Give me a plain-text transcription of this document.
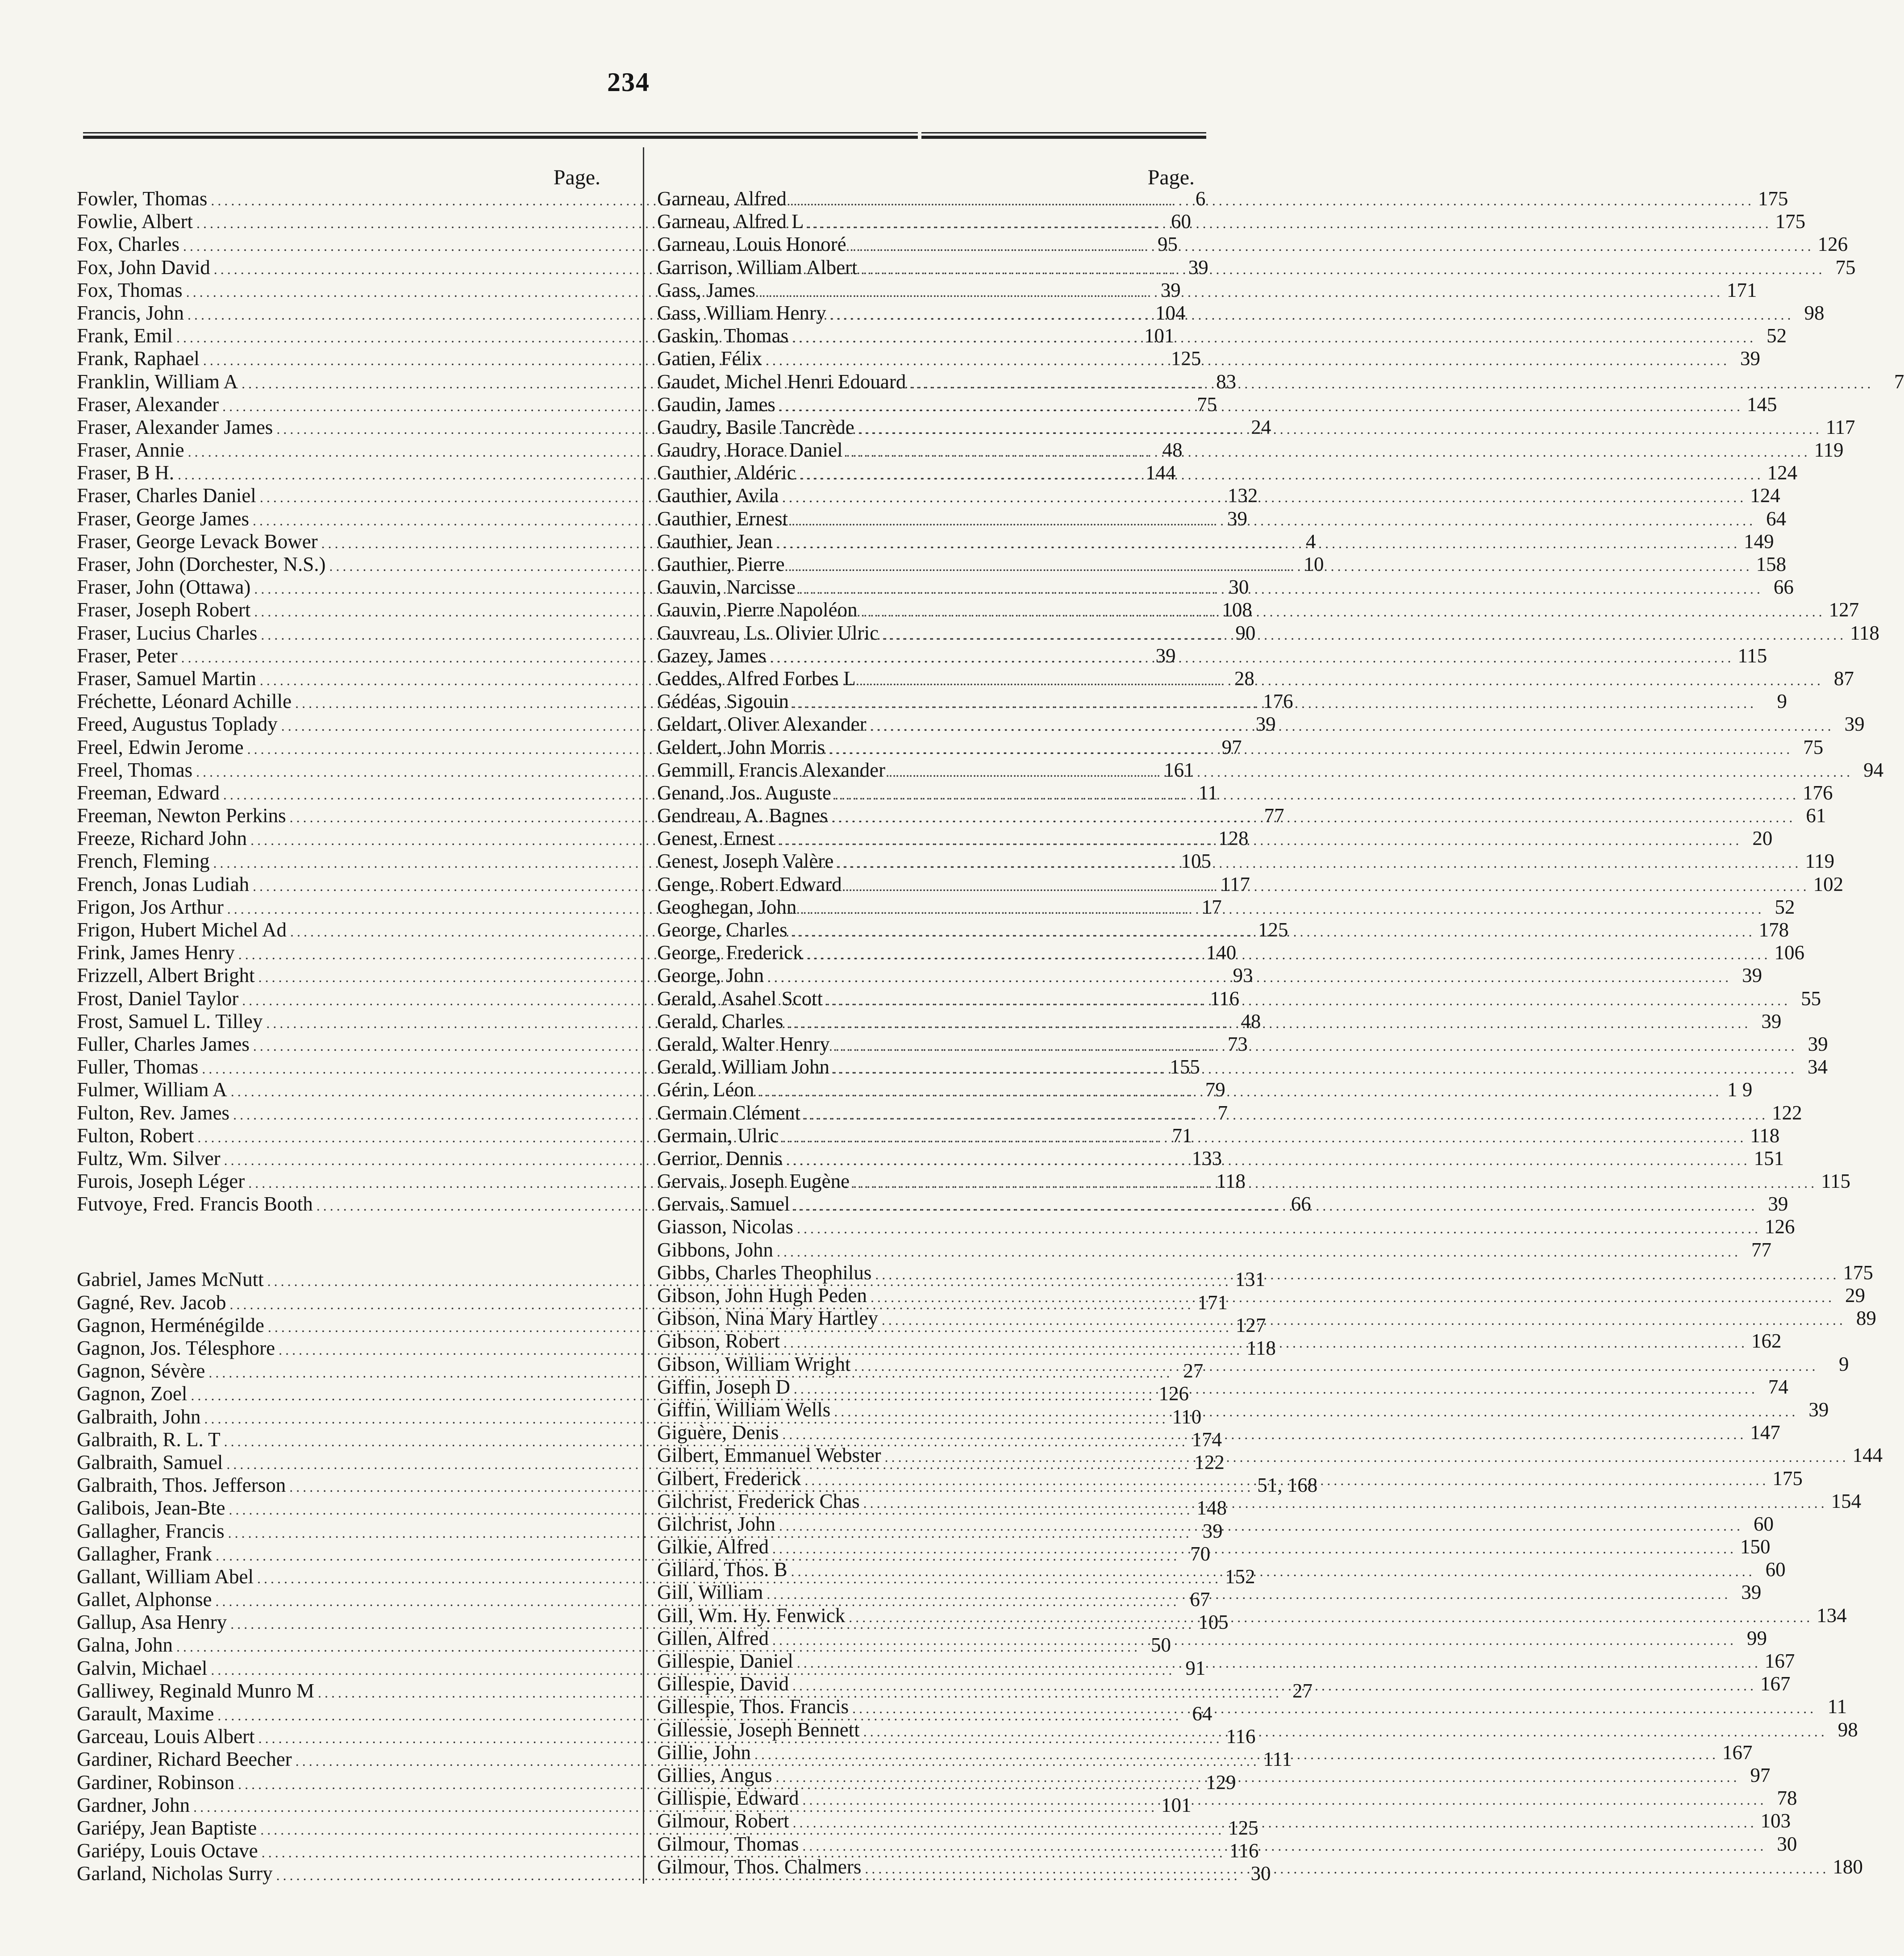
234
Page.	Page.
Fowler, Thomas .....	6
Fowlie, Albert .....	60
Fox, Charles .....	95
Fox, John David .....	39
Fox, Thomas .....	39
Francis, John .....	104
Frank, Emil .....	101
Frank, Raphael .....	125
Franklin, William A .....	83
Fraser, Alexander .....	75
Fraser, Alexander James .....	24
Fraser, Annie .....	48
Fraser, B H. .....	144
Fraser, Charles Daniel .....	132
Fraser, George James .....	39
Fraser, George Levack Bower .....	4
Fraser, John (Dorchester, N.S.) .....	10
Fraser, John (Ottawa) .....	30
Fraser, Joseph Robert .....	108
Fraser, Lucius Charles .....	90
Fraser, Peter .....	39
Fraser, Samuel Martin .....	28
Fréchette, Léonard Achille .....	176
Freed, Augustus Toplady .....	39
Freel, Edwin Jerome .....	97
Freel, Thomas .....	161
Freeman, Edward .....	11
Freeman, Newton Perkins .....	77
Freeze, Richard John .....	128
French, Fleming .....	105
French, Jonas Ludiah .....	117
Frigon, Jos Arthur .....	17
Frigon, Hubert Michel Ad .....	125
Frink, James Henry .....	140
Frizzell, Albert Bright .....	93
Frost, Daniel Taylor .....	116
Frost, Samuel L. Tilley .....	48
Fuller, Charles James .....	73
Fuller, Thomas .....	155
Fulmer, William A .....	79
Fulton, Rev. James .....	7
Fulton, Robert .....	71
Fultz, Wm. Silver .....	133
Furois, Joseph Léger .....	118
Futvoye, Fred. Francis Booth .....	66
Gabriel, James McNutt .....	131
Gagné, Rev. Jacob .....	171
Gagnon, Herménégilde .....	127
Gagnon, Jos. Télesphore .....	118
Gagnon, Sévère .....	27
Gagnon, Zoel .....	126
Galbraith, John .....	110
Galbraith, R. L. T .....	174
Galbraith, Samuel .....	122
Galbraith, Thos. Jefferson .....	51, 168
Galibois, Jean-Bte .....	148
Gallagher, Francis .....	39
Gallagher, Frank .....	70
Gallant, William Abel .....	152
Gallet, Alphonse .....	67
Gallup, Asa Henry .....	105
Galna, John .....	50
Galvin, Michael .....	91
Galliwey, Reginald Munro M .....	27
Garault, Maxime .....	64
Garceau, Louis Albert .....	116
Gardiner, Richard Beecher .....	111
Gardiner, Robinson .....	129
Gardner, John .....	101
Gariépy, Jean Baptiste .....	125
Gariépy, Louis Octave .....	116
Garland, Nicholas Surry .....	30
Garneau, Alfred .....	175
Garneau, Alfred L .....	175
Garneau, Louis Honoré .....	126
Garrison, William Albert .....	75
Gass, James .....	171
Gass, William Henry .....	98
Gaskin, Thomas .....	52
Gatien, Félix .....	39
Gaudet, Michel Henri Edouard .....	7
Gaudin, James .....	145
Gaudry, Basile Tancrède .....	117
Gaudry, Horace Daniel .....	119
Gauthier, Aldéric .....	124
Gauthier, Avila .....	124
Gauthier, Ernest .....	64
Gauthier, Jean .....	149
Gauthier, Pierre .....	158
Gauvin, Narcisse .....	66
Gauvin, Pierre Napoléon .....	127
Gauvreau, Ls. Olivier Ulric .....	118
Gazey, James .....	115
Geddes, Alfred Forbes L .....	87
Gédéas, Sigouin .....	9
Geldart, Oliver Alexander .....	39
Geldert, John Morris .....	75
Gemmill, Francis Alexander .....	94
Genand, Jos. Auguste .....	176
Gendreau, A. Bagnes .....	61
Genest, Ernest .....	20
Genest, Joseph Valère .....	119
Genge, Robert Edward .....	102
Geoghegan, John .....	52
George, Charles .....	178
George, Frederick .....	106
George, John .....	39
Gerald, Asahel Scott .....	55
Gerald, Charles .....	39
Gerald, Walter Henry .....	39
Gerald, William John .....	34
Gérin, Léon .....	1 9
Germain Clément .....	122
Germain, Ulric .....	118
Gerrior, Dennis .....	151
Gervais, Joseph Eugène .....	115
Gervais, Samuel .....	39
Giasson, Nicolas .....	126
Gibbons, John .....	77
Gibbs, Charles Theophilus .....	175
Gibson, John Hugh Peden .....	29
Gibson, Nina Mary Hartley .....	89
Gibson, Robert .....	162
Gibson, William Wright .....	9
Giffin, Joseph D .....	74
Giffin, William Wells .....	39
Giguère, Denis .....	147
Gilbert, Emmanuel Webster .....	144
Gilbert, Frederick .....	175
Gilchrist, Frederick Chas .....	154
Gilchrist, John .....	60
Gilkie, Alfred .....	150
Gillard, Thos. B .....	60
Gill, William .....	39
Gill, Wm. Hy. Fenwick .....	134
Gillen, Alfred .....	99
Gillespie, Daniel .....	167
Gillespie, David .....	167
Gillespie, Thos. Francis .....	11
Gillessie, Joseph Bennett .....	98
Gillie, John .....	167
Gillies, Angus .....	97
Gillispie, Edward .....	78
Gilmour, Robert .....	103
Gilmour, Thomas .....	30
Gilmour, Thos. Chalmers .....	180
